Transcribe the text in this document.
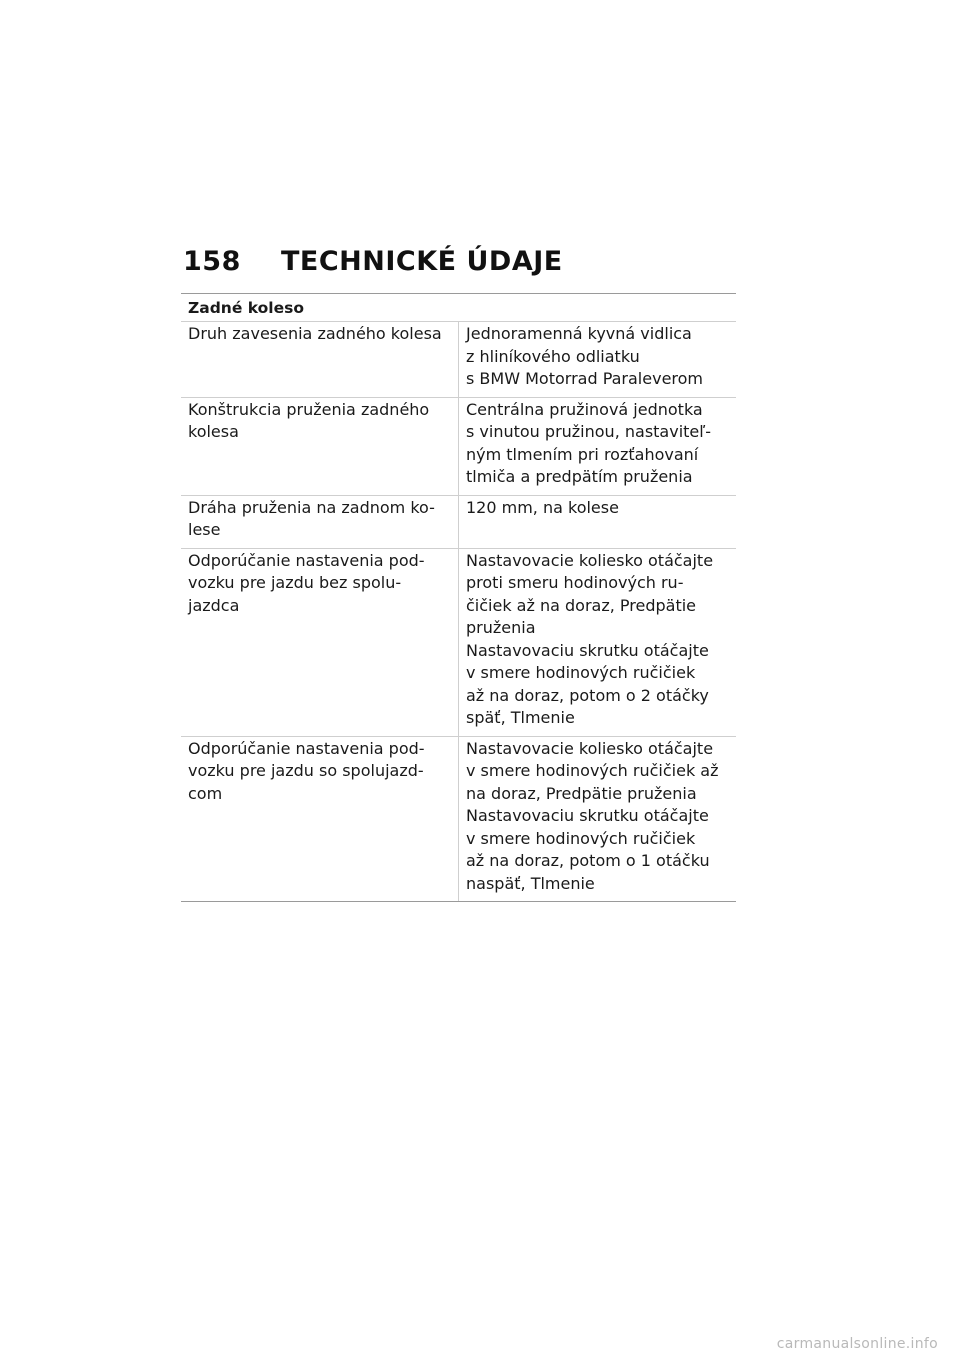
158	TECHNICKÉ ÚDAJE
Zadné koleso
Druh zavesenia zadného kolesa	Jednoramenná kyvná vidlica
z hliníkového odliatku
s BMW Motorrad Paraleverom
Konštrukcia pruženia zadného
kolesa
Centrálna pružinová jednotka
s vinutou pružinou, nastaviteľ-
ným tlmením pri rozťahovaní
tlmiča a predpätím pruženia
Dráha pruženia na zadnom ko-
lese
120 mm, na kolese
Odporúčanie nastavenia pod-
vozku pre jazdu bez spolu-
jazdca
Nastavovacie koliesko otáčajte
proti smeru hodinových ru-
čičiek až na doraz, Predpätie
pruženia
Nastavovaciu skrutku otáčajte
v smere hodinových ručičiek
až na doraz, potom o 2 otáčky
späť, Tlmenie
Odporúčanie nastavenia pod-
vozku pre jazdu so spolujazd-
com
Nastavovacie koliesko otáčajte
v smere hodinových ručičiek až
na doraz, Predpätie pruženia
Nastavovaciu skrutku otáčajte
v smere hodinových ručičiek
až na doraz, potom o 1 otáčku
naspäť, Tlmenie
carmanualsonline.info
